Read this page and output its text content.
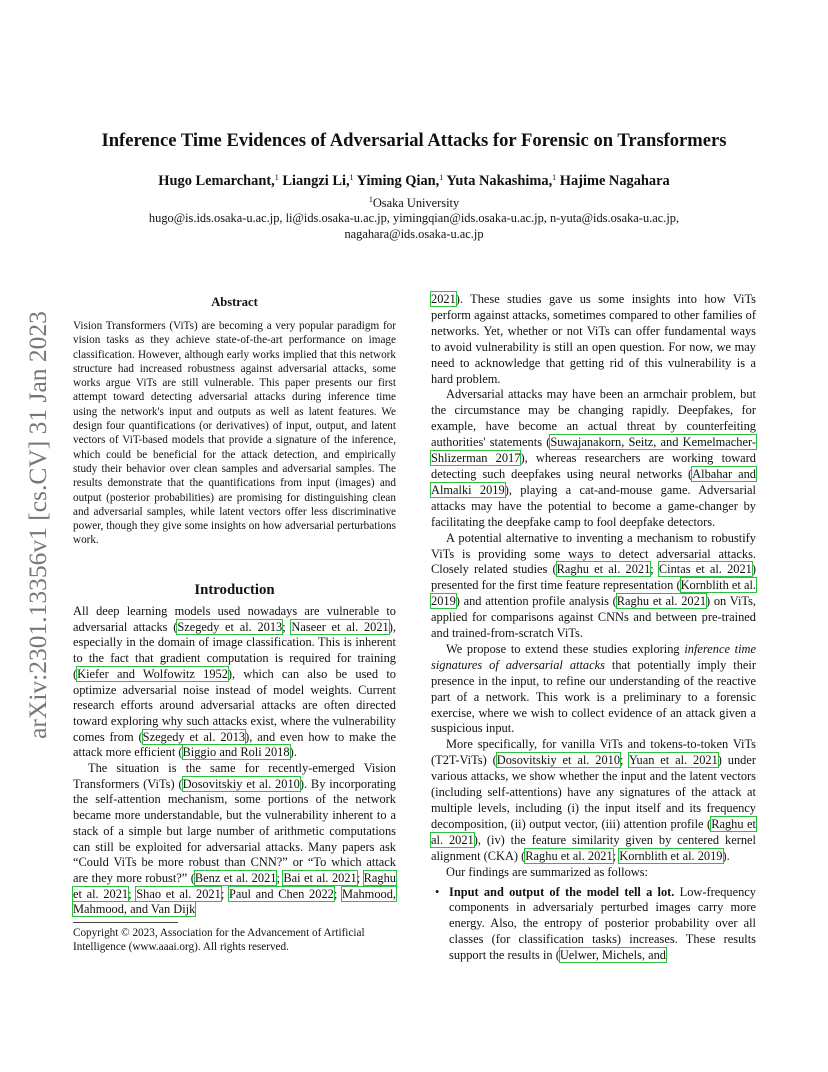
arXiv:2301.13356v1 [cs.CV] 31 Jan 2023
Inference Time Evidences of Adversarial Attacks for Forensic on Transformers
Hugo Lemarchant,$^1$ Liangzi Li,$^1$ Yiming Qian,$^1$ Yuta Nakashima,$^1$ Hajime Nagahara
$^1$Osaka University
hugo@is.ids.osaka-u.ac.jp, li@ids.osaka-u.ac.jp, yimingqian@ids.osaka-u.ac.jp, n-yuta@ids.osaka-u.ac.jp,
nagahara@ids.osaka-u.ac.jp
Abstract

Vision Transformers (ViTs) are becoming a very popular paradigm for vision tasks as they achieve state-of-the-art performance on image classification. However, although early works implied that this network structure had increased robustness against adversarial attacks, some works argue ViTs are still vulnerable. This paper presents our first attempt toward detecting adversarial attacks during inference time using the network's input and outputs as well as latent features. We design four quantifications (or derivatives) of input, output, and latent vectors of ViT-based models that provide a signature of the inference, which could be beneficial for the attack detection, and empirically study their behavior over clean samples and adversarial samples. The results demonstrate that the quantifications from input (images) and output (posterior probabilities) are promising for distinguishing clean and adversarial samples, while latent vectors offer less discriminative power, though they give some insights on how adversarial perturbations work.

Introduction

All deep learning models used nowadays are vulnerable to adversarial attacks (Szegedy et al. 2013; Naseer et al. 2021), especially in the domain of image classification. This is inherent to the fact that gradient computation is required for training (Kiefer and Wolfowitz 1952), which can also be used to optimize adversarial noise instead of model weights. Current research efforts around adversarial attacks are often directed toward exploring why such attacks exist, where the vulnerability comes from (Szegedy et al. 2013), and even how to make the attack more efficient (Biggio and Roli 2018).

The situation is the same for recently-emerged Vision Transformers (ViTs) (Dosovitskiy et al. 2010). By incorporating the self-attention mechanism, some portions of the network became more understandable, but the vulnerability inherent to a stack of a simple but large number of arithmetic computations can still be exploited for adversarial attacks. Many papers ask “Could ViTs be more robust than CNN?” or “To which attack are they more robust?” (Benz et al. 2021; Bai et al. 2021; Raghu et al. 2021; Shao et al. 2021; Paul and Chen 2022; Mahmood, Mahmood, and Van Dijk

Copyright © 2023, Association for the Advancement of Artificial Intelligence (www.aaai.org). All rights reserved.

2021). These studies gave us some insights into how ViTs perform against attacks, sometimes compared to other families of networks. Yet, whether or not ViTs can offer fundamental ways to avoid vulnerability is still an open question. For now, we may need to acknowledge that getting rid of this vulnerability is a hard problem.

Adversarial attacks may have been an armchair problem, but the circumstance may be changing rapidly. Deepfakes, for example, have become an actual threat by counterfeiting authorities' statements (Suwajanakorn, Seitz, and Kemelmacher-Shlizerman 2017), whereas researchers are working toward detecting such deepfakes using neural networks (Albahar and Almalki 2019), playing a cat-and-mouse game. Adversarial attacks may have the potential to become a game-changer by facilitating the deepfake camp to fool deepfake detectors.

A potential alternative to inventing a mechanism to robustify ViTs is providing some ways to detect adversarial attacks. Closely related studies (Raghu et al. 2021; Cintas et al. 2021) presented for the first time feature representation (Kornblith et al. 2019) and attention profile analysis (Raghu et al. 2021) on ViTs, applied for comparisons against CNNs and between pre-trained and trained-from-scratch ViTs.

We propose to extend these studies exploring inference time signatures of adversarial attacks that potentially imply their presence in the input, to refine our understanding of the reactive part of a network. This work is a preliminary to a forensic exercise, where we wish to collect evidence of an attack given a suspicious input.

More specifically, for vanilla ViTs and tokens-to-token ViTs (T2T-ViTs) (Dosovitskiy et al. 2010; Yuan et al. 2021) under various attacks, we show whether the input and the latent vectors (including self-attentions) have any signatures of the attack at multiple levels, including (i) the input itself and its frequency decomposition, (ii) output vector, (iii) attention profile (Raghu et al. 2021), (iv) the feature similarity given by centered kernel alignment (CKA) (Raghu et al. 2021; Kornblith et al. 2019).

Our findings are summarized as follows:

• Input and output of the model tell a lot. Low-frequency components in adversarialy perturbed images carry more energy. Also, the entropy of posterior probability over all classes (for classification tasks) increases. These results support the results in (Uelwer, Michels, and
